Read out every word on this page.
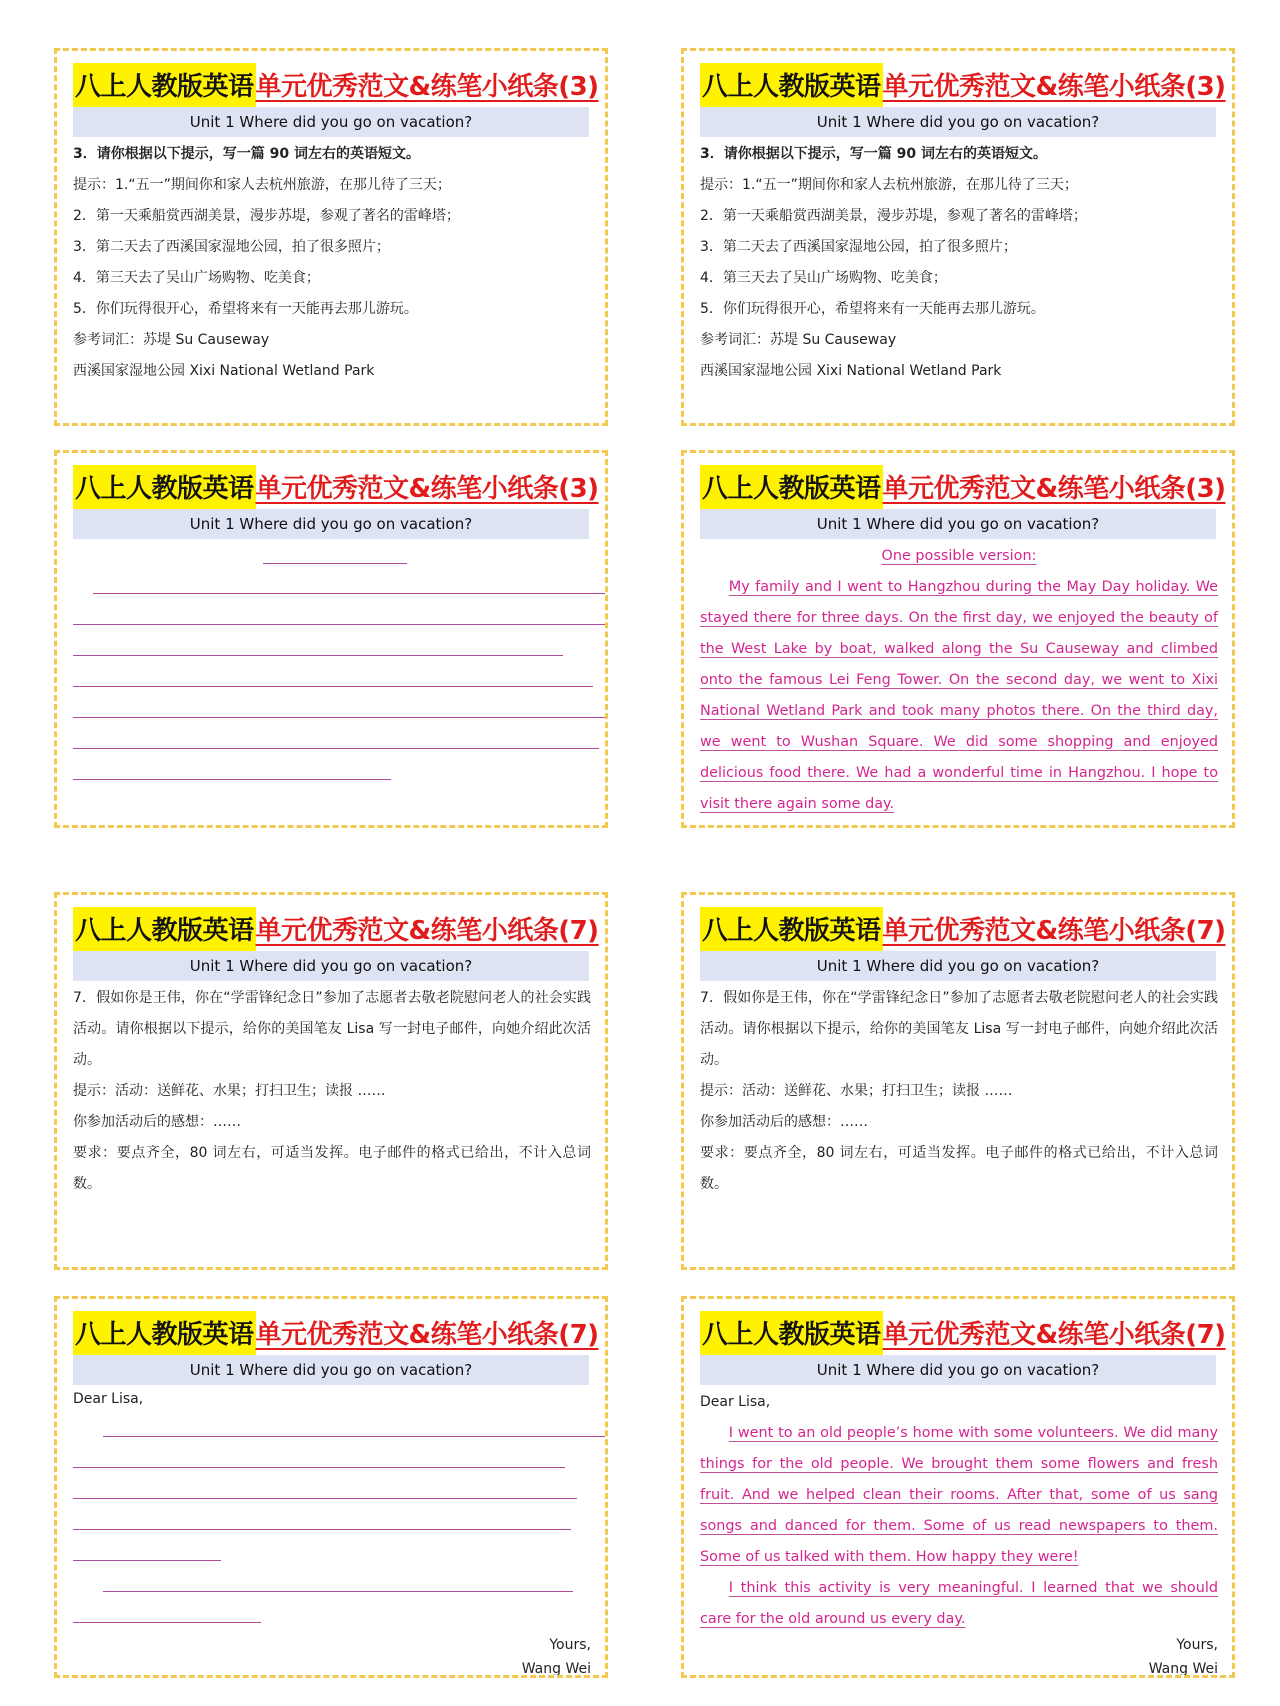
八上人教版英语单元优秀范文&练笔小纸条(3)
Unit 1 Where did you go on vacation?
3．请你根据以下提示，写一篇 90 词左右的英语短文。
提示：1.“五一”期间你和家人去杭州旅游，在那儿待了三天；
2．第一天乘船赏西湖美景，漫步苏堤，参观了著名的雷峰塔；
3．第二天去了西溪国家湿地公园，拍了很多照片；
4．第三天去了吴山广场购物、吃美食；
5．你们玩得很开心，希望将来有一天能再去那儿游玩。
参考词汇：苏堤 Su Causeway
西溪国家湿地公园 Xixi National Wetland Park
八上人教版英语单元优秀范文&练笔小纸条(3)
Unit 1 Where did you go on vacation?
3．请你根据以下提示，写一篇 90 词左右的英语短文。
提示：1.“五一”期间你和家人去杭州旅游，在那儿待了三天；
2．第一天乘船赏西湖美景，漫步苏堤，参观了著名的雷峰塔；
3．第二天去了西溪国家湿地公园，拍了很多照片；
4．第三天去了吴山广场购物、吃美食；
5．你们玩得很开心，希望将来有一天能再去那儿游玩。
参考词汇：苏堤 Su Causeway
西溪国家湿地公园 Xixi National Wetland Park
八上人教版英语单元优秀范文&练笔小纸条(3)
Unit 1 Where did you go on vacation?
八上人教版英语单元优秀范文&练笔小纸条(3)
Unit 1 Where did you go on vacation?
One possible version:
My family and I went to Hangzhou during the May Day holiday. We stayed there for three days. On the first day, we enjoyed the beauty of the West Lake by boat, walked along the Su Causeway and climbed onto the famous Lei Feng Tower. On the second day, we went to Xixi National Wetland Park and took many photos there. On the third day, we went to Wushan Square. We did some shopping and enjoyed delicious food there. We had a wonderful time in Hangzhou. I hope to visit there again some day.
八上人教版英语单元优秀范文&练笔小纸条(7)
Unit 1 Where did you go on vacation?
7．假如你是王伟，你在“学雷锋纪念日”参加了志愿者去敬老院慰问老人的社会实践活动。请你根据以下提示，给你的美国笔友 Lisa 写一封电子邮件，向她介绍此次活动。
提示：活动：送鲜花、水果；打扫卫生；读报 ……
你参加活动后的感想：……
要求：要点齐全，80 词左右，可适当发挥。电子邮件的格式已给出，不计入总词数。
八上人教版英语单元优秀范文&练笔小纸条(7)
Unit 1 Where did you go on vacation?
7．假如你是王伟，你在“学雷锋纪念日”参加了志愿者去敬老院慰问老人的社会实践活动。请你根据以下提示，给你的美国笔友 Lisa 写一封电子邮件，向她介绍此次活动。
提示：活动：送鲜花、水果；打扫卫生；读报 ……
你参加活动后的感想：……
要求：要点齐全，80 词左右，可适当发挥。电子邮件的格式已给出，不计入总词数。
八上人教版英语单元优秀范文&练笔小纸条(7)
Unit 1 Where did you go on vacation?
Dear Lisa,
Yours,
Wang Wei
八上人教版英语单元优秀范文&练笔小纸条(7)
Unit 1 Where did you go on vacation?
Dear Lisa,
I went to an old people’s home with some volunteers. We did many things for the old people. We brought them some flowers and fresh fruit. And we helped clean their rooms. After that, some of us sang songs and danced for them. Some of us read newspapers to them. Some of us talked with them. How happy they were!
I think this activity is very meaningful. I learned that we should care for the old around us every day.
Yours,
Wang Wei
